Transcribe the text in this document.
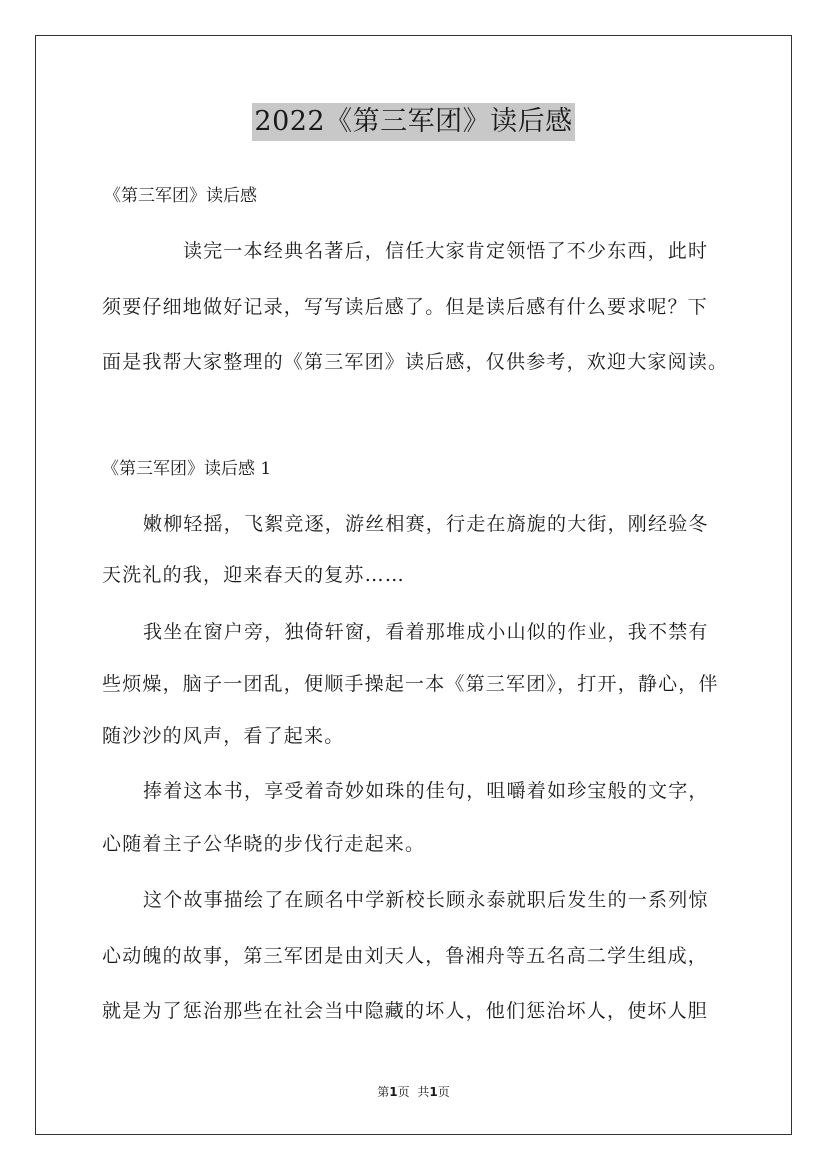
2022《第三军团》读后感
《第三军团》读后感
读完一本经典名著后，信任大家肯定领悟了不少东西，此时
须要仔细地做好记录，写写读后感了。但是读后感有什么要求呢？下
面是我帮大家整理的《第三军团》读后感，仅供参考，欢迎大家阅读。
《第三军团》读后感 1
嫩柳轻摇，飞絮竞逐，游丝相赛，行走在旖旎的大街，刚经验冬
天洗礼的我，迎来春天的复苏……
我坐在窗户旁，独倚轩窗，看着那堆成小山似的作业，我不禁有
些烦燥，脑子一团乱，便顺手操起一本《第三军团》，打开，静心，伴
随沙沙的风声，看了起来。
捧着这本书，享受着奇妙如珠的佳句，咀嚼着如珍宝般的文字，
心随着主子公华晓的步伐行走起来。
这个故事描绘了在顾名中学新校长顾永泰就职后发生的一系列惊
心动魄的故事，第三军团是由刘天人，鲁湘舟等五名高二学生组成，
就是为了惩治那些在社会当中隐藏的坏人，他们惩治坏人，使坏人胆
第1页 共1页
